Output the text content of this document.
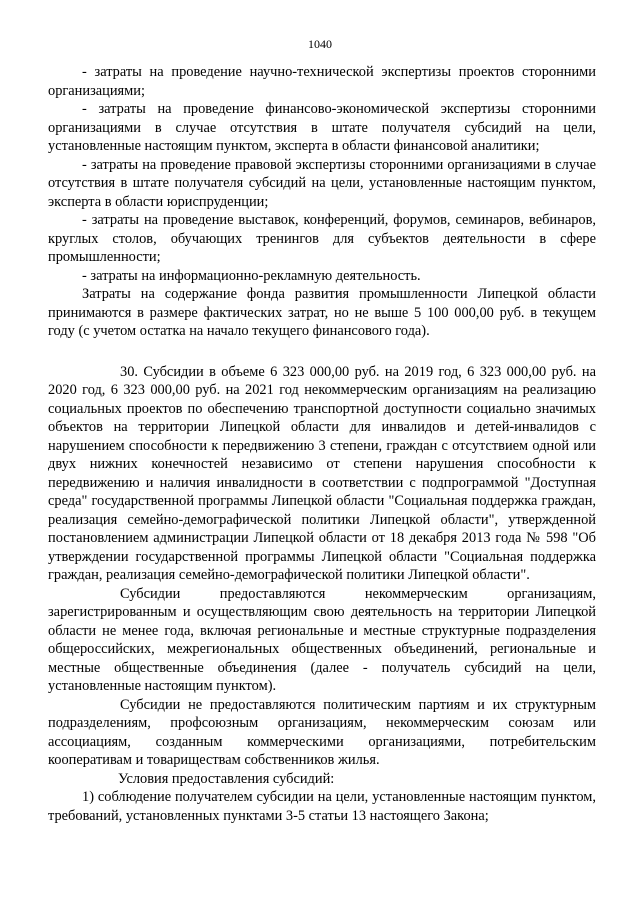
1040

- затраты на проведение научно-технической экспертизы проектов сторонними организациями;

- затраты на проведение финансово-экономической экспертизы сторонними организациями в случае отсутствия в штате получателя субсидий на цели, установленные настоящим пунктом, эксперта в области финансовой аналитики;

- затраты на проведение правовой экспертизы сторонними организациями в случае отсутствия в штате получателя субсидий на цели, установленные настоящим пунктом, эксперта в области юриспруденции;

- затраты на проведение выставок, конференций, форумов, семинаров, вебинаров, круглых столов, обучающих тренингов для субъектов деятельности в сфере промышленности;

- затраты на информационно-рекламную деятельность.

Затраты на содержание фонда развития промышленности Липецкой области принимаются в размере фактических затрат, но не выше 5 100 000,00 руб. в текущем году (с учетом остатка на начало текущего финансового года).

30. Субсидии в объеме 6 323 000,00 руб. на 2019 год, 6 323 000,00 руб. на 2020 год, 6 323 000,00 руб. на 2021 год некоммерческим организациям на реализацию социальных проектов по обеспечению транспортной доступности социально значимых объектов на территории Липецкой области для инвалидов и детей-инвалидов с нарушением способности к передвижению 3 степени, граждан с отсутствием одной или двух нижних конечностей независимо от степени нарушения способности к передвижению и наличия инвалидности в соответствии с подпрограммой "Доступная среда" государственной программы Липецкой области "Социальная поддержка граждан, реализация семейно-демографической политики Липецкой области", утвержденной постановлением администрации Липецкой области от 18 декабря 2013 года № 598 "Об утверждении государственной программы Липецкой области "Социальная поддержка граждан, реализация семейно-демографической политики Липецкой области".

Субсидии предоставляются некоммерческим организациям, зарегистрированным и осуществляющим свою деятельность на территории Липецкой области не менее года, включая региональные и местные структурные подразделения общероссийских, межрегиональных общественных объединений, региональные и местные общественные объединения (далее - получатель субсидий на цели, установленные настоящим пунктом).

Субсидии не предоставляются политическим партиям и их структурным подразделениям, профсоюзным организациям, некоммерческим союзам или ассоциациям, созданным коммерческими организациями, потребительским кооперативам и товариществам собственников жилья.

Условия предоставления субсидий:

1) соблюдение получателем субсидии на цели, установленные настоящим пунктом, требований, установленных пунктами 3-5 статьи 13 настоящего Закона;
